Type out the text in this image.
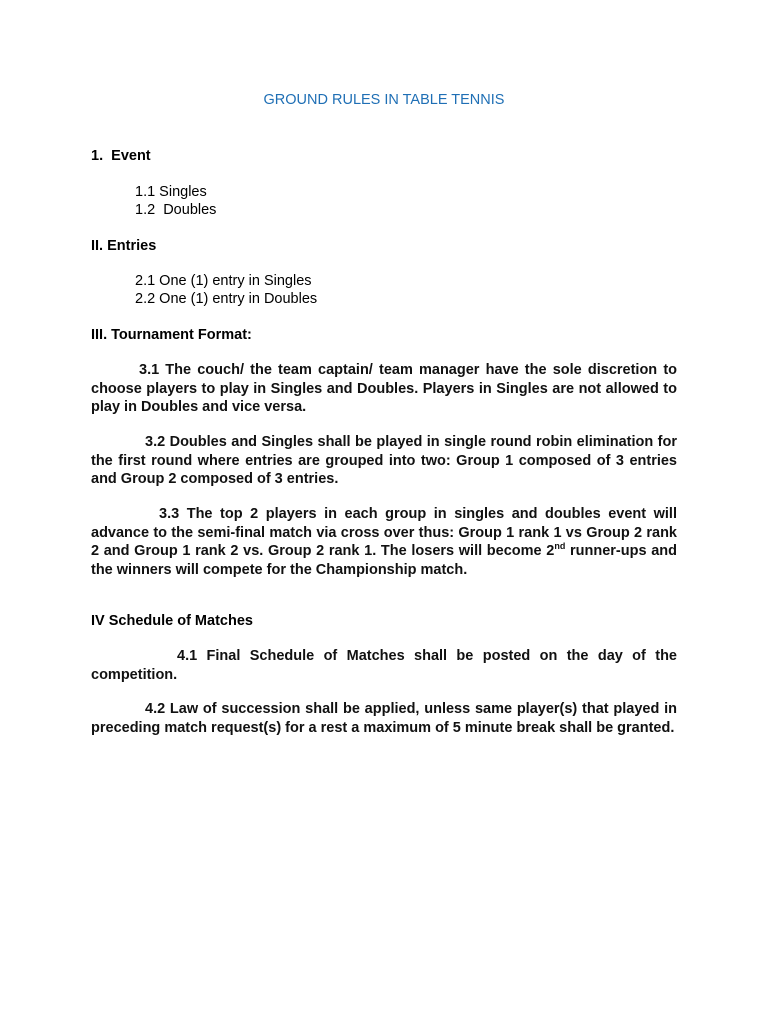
GROUND RULES IN TABLE TENNIS
1.  Event
1.1 Singles
1.2  Doubles
II. Entries
2.1 One (1) entry in Singles
2.2 One (1) entry in Doubles
III. Tournament Format:
3.1 The couch/ the team captain/ team manager have the sole discretion to choose players to play in Singles and Doubles. Players in Singles are not allowed to play in Doubles and vice versa.
3.2 Doubles and Singles shall be played in single round robin elimination for the first round where entries are grouped into two: Group 1 composed of 3 entries and Group 2 composed of 3 entries.
3.3 The top 2 players in each group in singles and doubles event will advance to the semi-final match via cross over thus: Group 1 rank 1 vs Group 2 rank 2 and Group 1 rank 2 vs. Group 2 rank 1. The losers will become 2nd runner-ups and the winners will compete for the Championship match.
IV Schedule of Matches
4.1 Final Schedule of Matches shall be posted on the day of the competition.
4.2 Law of succession shall be applied, unless same player(s) that played in preceding match request(s) for a rest a maximum of 5 minute break shall be granted.
